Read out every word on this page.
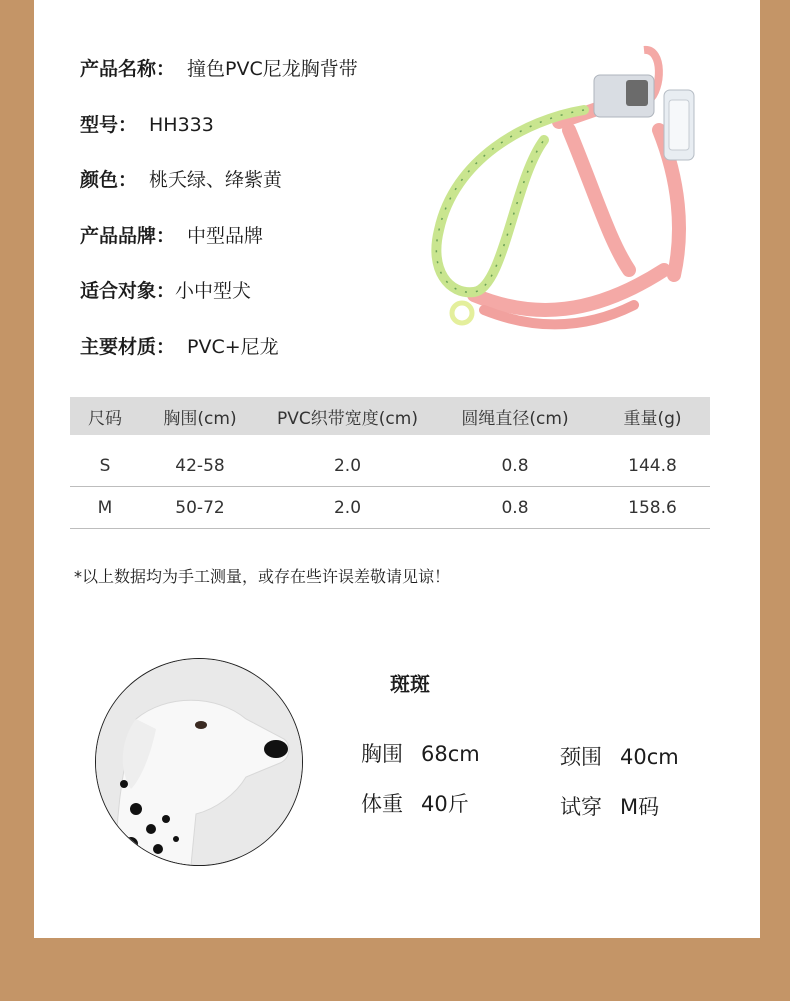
产品名称： 撞色PVC尼龙胸背带
型号： HH333
颜色： 桃夭绿、绛紫黄
产品品牌： 中型品牌
适合对象：小中型犬
主要材质： PVC+尼龙
尺码	胸围(cm)	PVC织带宽度(cm)	圆绳直径(cm)	重量(g)
S	42-58	2.0	0.8	144.8
M	50-72	2.0	0.8	158.6
*以上数据均为手工测量，或存在些许误差敬请见谅！
斑斑
胸围 68cm
体重 40斤
颈围 40cm
试穿 M码
